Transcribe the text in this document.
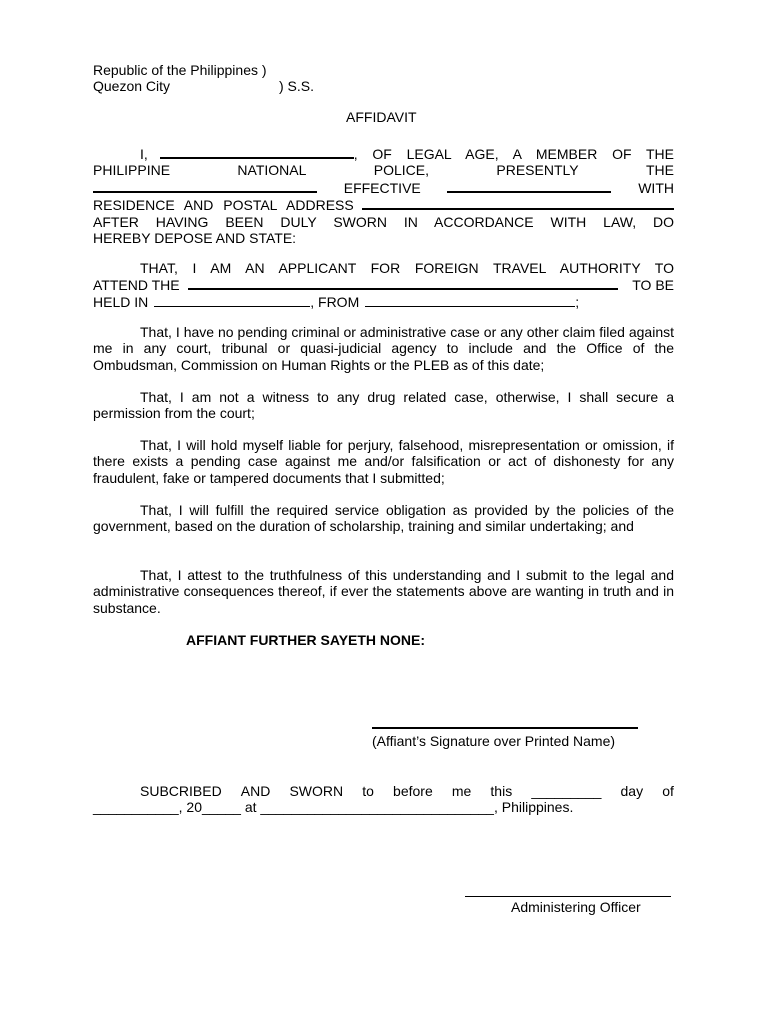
Republic of the Philippines )
Quezon City	) S.S.
AFFIDAVIT
I,	, OF LEGAL AGE, A MEMBER OF THE
PHILIPPINE	NATIONAL	POLICE,	PRESENTLY	THE
EFFECTIVE	WITH
RESIDENCE AND POSTAL ADDRESS
AFTER HAVING BEEN DULY SWORN IN ACCORDANCE WITH LAW, DO
HEREBY DEPOSE AND STATE:
THAT, I AM AN APPLICANT FOR FOREIGN TRAVEL AUTHORITY TO
ATTEND THE	TO BE
HELD IN	, FROM	;
That, I have no pending criminal or administrative case or any other claim filed against me in any court, tribunal or quasi-judicial agency to include and the Office of the Ombudsman, Commission on Human Rights or the PLEB as of this date;
That, I am not a witness to any drug related case, otherwise, I shall secure a permission from the court;
That, I will hold myself liable for perjury, falsehood, misrepresentation or omission, if there exists a pending case against me and/or falsification or act of dishonesty for any fraudulent, fake or tampered documents that I submitted;
That, I will fulfill the required service obligation as provided by the policies of the government, based on the duration of scholarship, training and similar undertaking; and
That, I attest to the truthfulness of this understanding and I submit to the legal and administrative consequences thereof, if ever the statements above are wanting in truth and in substance.
AFFIANT FURTHER SAYETH NONE:
(Affiant’s Signature over Printed Name)
SUBCRIBED AND SWORN to before me this _________ day of
___________, 20_____ at ______________________________, Philippines.
Administering Officer
